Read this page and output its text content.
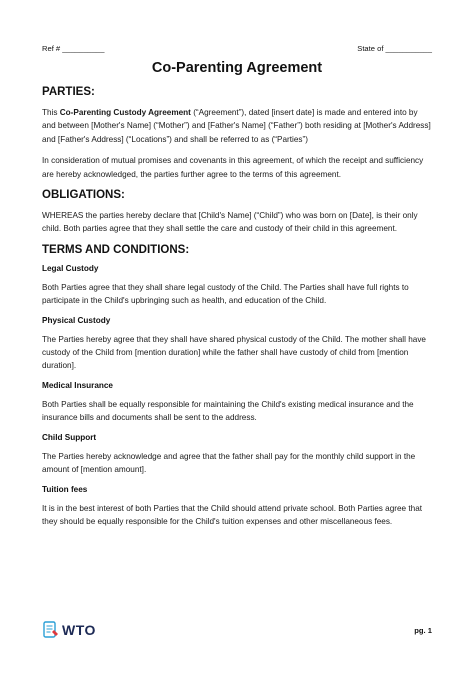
Ref # __________	State of ___________
Co-Parenting Agreement
PARTIES:

This Co-Parenting Custody Agreement (“Agreement”), dated [insert date] is made and entered into by and between [Mother's Name] (“Mother”) and [Father's Name] (“Father”) both residing at [Mother's Address] and [Father's Address] (“Locations”) and shall be referred to as (“Parties”)

In consideration of mutual promises and covenants in this agreement, of which the receipt and sufficiency are hereby acknowledged, the parties further agree to the terms of this agreement.

OBLIGATIONS:

WHEREAS the parties hereby declare that [Child's Name] (“Child”) who was born on [Date], is their only child. Both parties agree that they shall settle the care and custody of their child in this agreement.

TERMS AND CONDITIONS:
Legal Custody

Both Parties agree that they shall share legal custody of the Child. The Parties shall have full rights to participate in the Child's upbringing such as health, and education of the Child.

Physical Custody

The Parties hereby agree that they shall have shared physical custody of the Child. The mother shall have custody of the Child from [mention duration] while the father shall have custody of child from [mention duration].

Medical Insurance

Both Parties shall be equally responsible for maintaining the Child's existing medical insurance and the insurance bills and documents shall be sent to the address.

Child Support

The Parties hereby acknowledge and agree that the father shall pay for the monthly child support in the amount of [mention amount].

Tuition fees

It is in the best interest of both Parties that the Child should attend private school. Both Parties agree that they should be equally responsible for the Child's tuition expenses and other miscellaneous fees.

WTO	pg. 1
